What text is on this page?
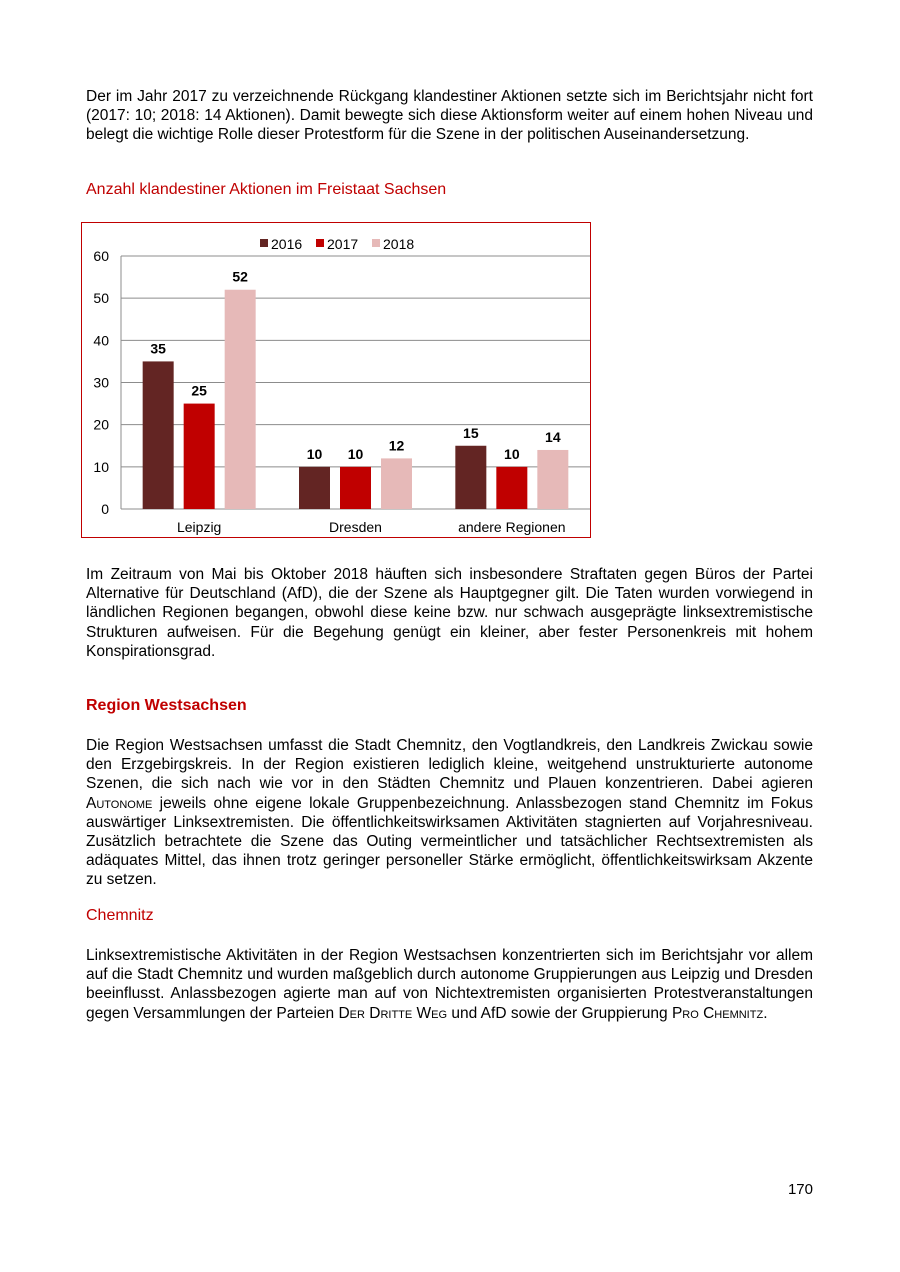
Der im Jahr 2017 zu verzeichnende Rückgang klandestiner Aktionen setzte sich im Berichtsjahr nicht fort (2017: 10; 2018: 14 Aktionen). Damit bewegte sich diese Aktionsform weiter auf einem hohen Niveau und belegt die wichtige Rolle dieser Protestform für die Szene in der politischen Auseinandersetzung.

Anzahl klandestiner Aktionen im Freistaat Sachsen

0
10
20
30
40
50
60
35
25
52
Leipzig
10 10
12
Dresden
15
10
14
andere Regionen
2016 2017 2018

Im Zeitraum von Mai bis Oktober 2018 häuften sich insbesondere Straftaten gegen Büros der Partei Alternative für Deutschland (AfD), die der Szene als Hauptgegner gilt. Die Taten wurden vorwiegend in ländlichen Regionen begangen, obwohl diese keine bzw. nur schwach ausgeprägte linksextremistische Strukturen aufweisen. Für die Begehung genügt ein kleiner, aber fester Personenkreis mit hohem Konspirationsgrad.

Region Westsachsen

Die Region Westsachsen umfasst die Stadt Chemnitz, den Vogtlandkreis, den Landkreis Zwickau sowie den Erzgebirgskreis. In der Region existieren lediglich kleine, weitgehend unstrukturierte autonome Szenen, die sich nach wie vor in den Städten Chemnitz und Plauen konzentrieren. Dabei agieren Autonome jeweils ohne eigene lokale Gruppenbezeichnung. Anlassbezogen stand Chemnitz im Fokus auswärtiger Linksextremisten. Die öffentlichkeitswirksamen Aktivitäten stagnierten auf Vorjahresniveau. Zusätzlich betrachtete die Szene das Outing vermeintlicher und tatsächlicher Rechtsextremisten als adäquates Mittel, das ihnen trotz geringer personeller Stärke ermöglicht, öffentlichkeitswirksam Akzente zu setzen.

Chemnitz

Linksextremistische Aktivitäten in der Region Westsachsen konzentrierten sich im Berichtsjahr vor allem auf die Stadt Chemnitz und wurden maßgeblich durch autonome Gruppierungen aus Leipzig und Dresden beeinflusst. Anlassbezogen agierte man auf von Nichtextremisten organisierten Protestveranstaltungen gegen Versammlungen der Parteien Der Dritte Weg und AfD sowie der Gruppierung Pro Chemnitz.

170
